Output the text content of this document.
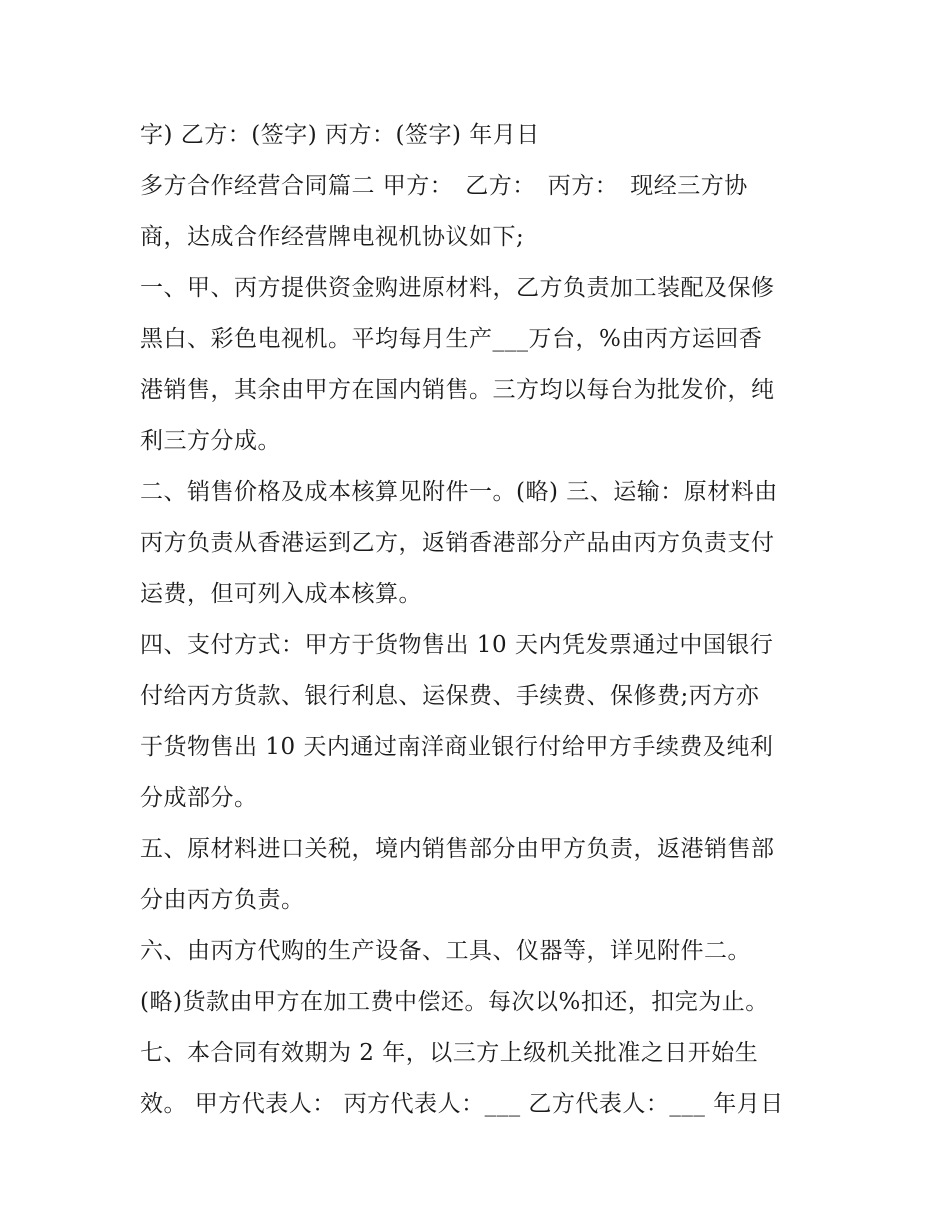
字) 乙方：(签字) 丙方：(签字) 年月日
多方合作经营合同篇二 甲方：　乙方：　丙方：　现经三方协
商，达成合作经营牌电视机协议如下;
一、甲、丙方提供资金购进原材料，乙方负责加工装配及保修
黑白、彩色电视机。平均每月生产___万台，%由丙方运回香
港销售，其余由甲方在国内销售。三方均以每台为批发价，纯
利三方分成。
二、销售价格及成本核算见附件一。(略) 三、运输：原材料由
丙方负责从香港运到乙方，返销香港部分产品由丙方负责支付
运费，但可列入成本核算。
四、支付方式：甲方于货物售出 10 天内凭发票通过中国银行
付给丙方货款、银行利息、运保费、手续费、保修费;丙方亦
于货物售出 10 天内通过南洋商业银行付给甲方手续费及纯利
分成部分。
五、原材料进口关税，境内销售部分由甲方负责，返港销售部
分由丙方负责。
六、由丙方代购的生产设备、工具、仪器等，详见附件二。
(略)货款由甲方在加工费中偿还。每次以%扣还，扣完为止。
七、本合同有效期为 2 年，以三方上级机关批准之日开始生
效。 甲方代表人： 丙方代表人：___ 乙方代表人：___ 年月日
